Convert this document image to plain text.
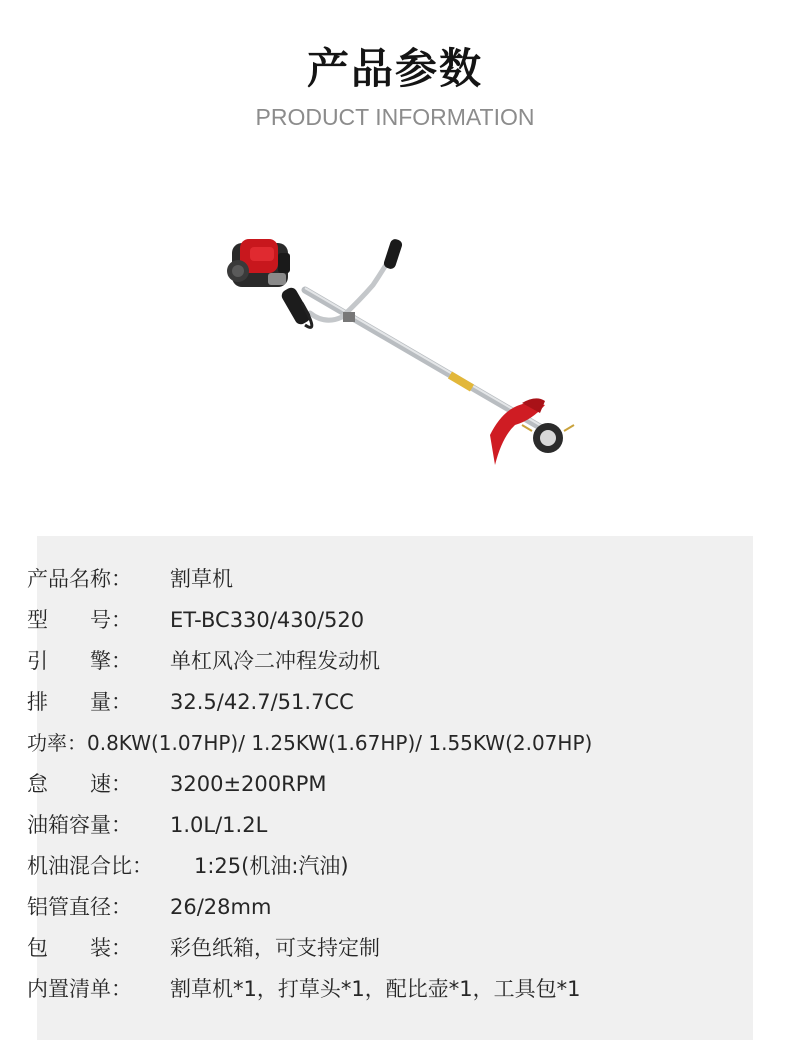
产品参数
PRODUCT INFORMATION
产品名称： 割草机
型　　号： ET-BC330/430/520
引　　擎： 单杠风冷二冲程发动机
排　　量： 32.5/42.7/51.7CC
功率：0.8KW(1.07HP)/ 1.25KW(1.67HP)/ 1.55KW(2.07HP)
怠　　速： 3200±200RPM
油箱容量： 1.0L/1.2L
机油混合比： 1:25(机油:汽油)
铝管直径： 26/28mm
包　　装： 彩色纸箱，可支持定制
内置清单： 割草机*1，打草头*1，配比壶*1，工具包*1
